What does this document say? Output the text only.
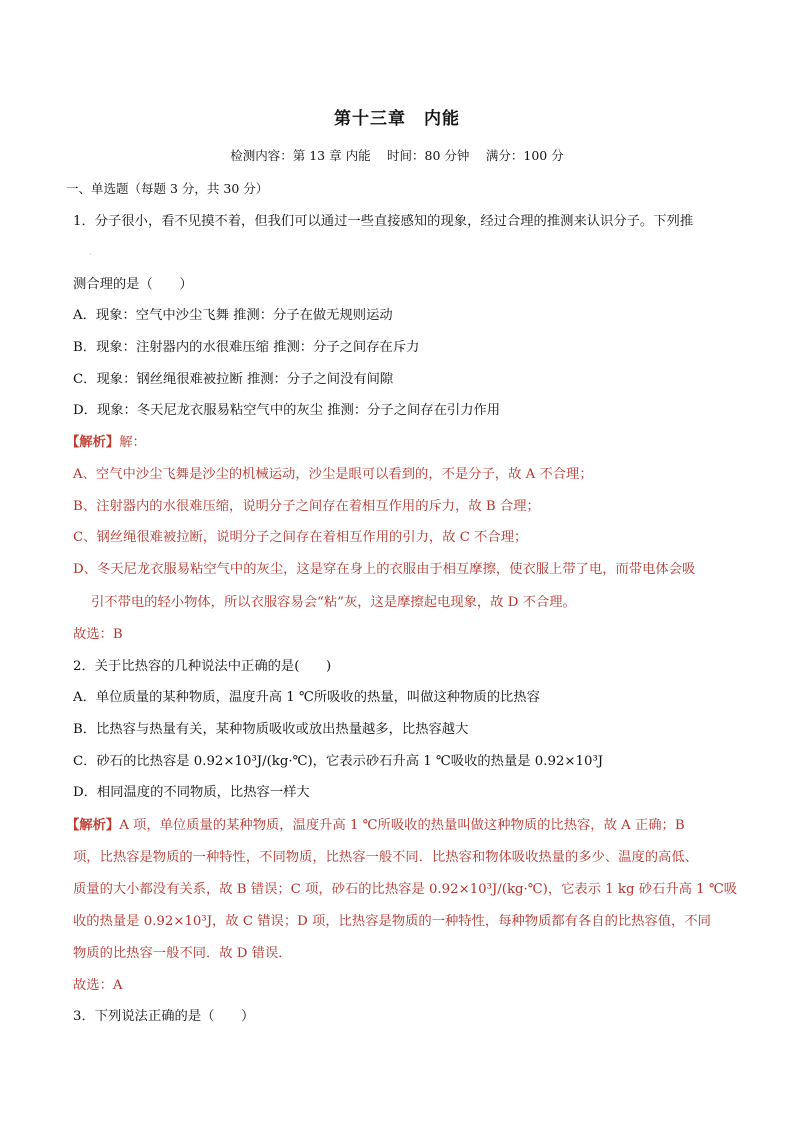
第十三章　内能
检测内容：第 13 章 内能　 时间：80 分钟　 满分：100 分
一、单选题（每题 3 分，共 30 分）
1．分子很小，看不见摸不着，但我们可以通过一些直接感知的现象，经过合理的推测来认识分子。下列推
·
测合理的是（　　）
A．现象：空气中沙尘飞舞 推测：分子在做无规则运动
B．现象：注射器内的水很难压缩 推测：分子之间存在斥力
C．现象：钢丝绳很难被拉断 推测：分子之间没有间隙
D．现象：冬天尼龙衣服易粘空气中的灰尘 推测：分子之间存在引力作用
【解析】解：
A、空气中沙尘飞舞是沙尘的机械运动，沙尘是眼可以看到的，不是分子，故 A 不合理；
B、注射器内的水很难压缩，说明分子之间存在着相互作用的斥力，故 B 合理；
C、钢丝绳很难被拉断，说明分子之间存在着相互作用的引力，故 C 不合理；
D、冬天尼龙衣服易粘空气中的灰尘，这是穿在身上的衣服由于相互摩擦，使衣服上带了电，而带电体会吸
引不带电的轻小物体，所以衣服容易会“粘”灰，这是摩擦起电现象，故 D 不合理。
故选：B
2．关于比热容的几种说法中正确的是(　　)
A．单位质量的某种物质，温度升高 1 ℃所吸收的热量，叫做这种物质的比热容
B．比热容与热量有关，某种物质吸收或放出热量越多，比热容越大
C．砂石的比热容是 0.92×10³J/(kg·℃)，它表示砂石升高 1 ℃吸收的热量是 0.92×10³J
D．相同温度的不同物质，比热容一样大
【解析】A 项，单位质量的某种物质，温度升高 1 ℃所吸收的热量叫做这种物质的比热容，故 A 正确；B
项，比热容是物质的一种特性，不同物质，比热容一般不同．比热容和物体吸收热量的多少、温度的高低、
质量的大小都没有关系，故 B 错误；C 项，砂石的比热容是 0.92×10³J/(kg·℃)，它表示 1 kg 砂石升高 1 ℃吸
收的热量是 0.92×10³J，故 C 错误；D 项，比热容是物质的一种特性，每种物质都有各自的比热容值，不同
物质的比热容一般不同．故 D 错误．
故选：A
3．下列说法正确的是（　　）
